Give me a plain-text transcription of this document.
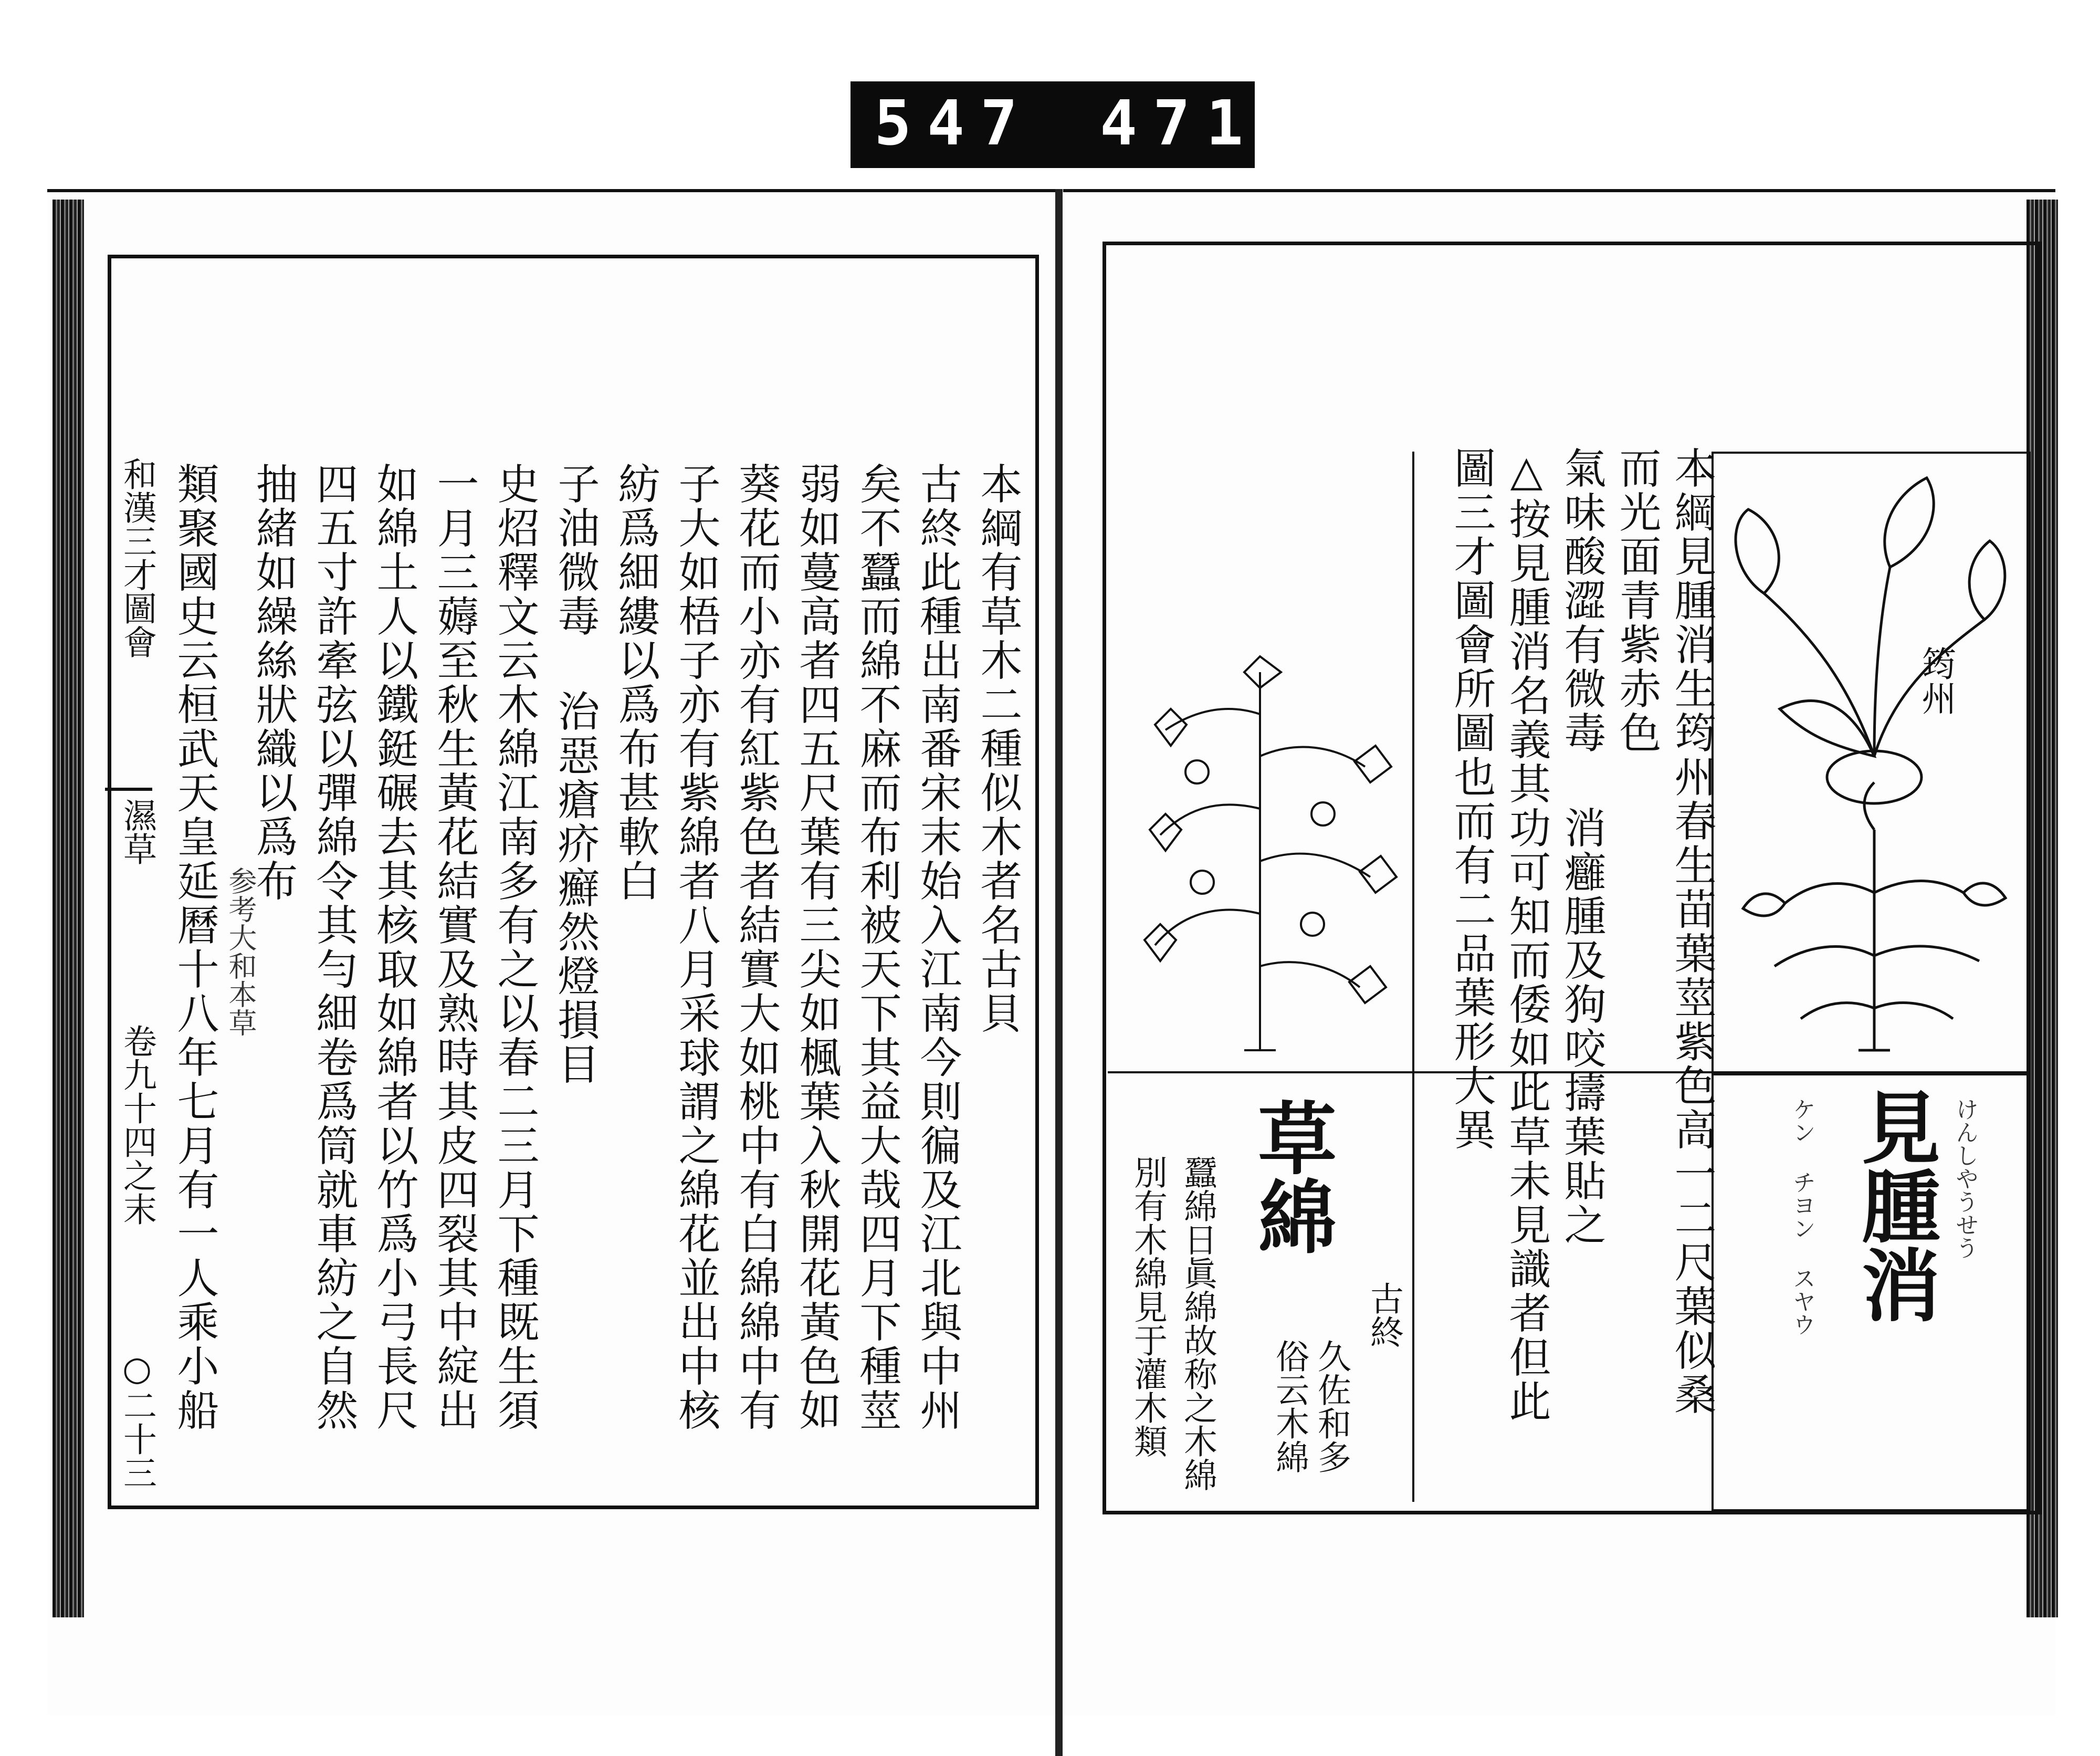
547 471.
和漢三才圖會
濕草
卷九十四之末
○二十三
本綱有草木二種似木者名古貝
古終此種出南番宋末始入江南今則徧及江北與中州
矣不蠶而綿不麻而布利被天下其益大哉四月下種莖
弱如蔓高者四五尺葉有三尖如楓葉入秋開花黃色如
葵花而小亦有紅紫色者結實大如桃中有白綿綿中有
子大如梧子亦有紫綿者八月采球謂之綿花並出中核
紡爲細縷以爲布甚軟白
子油微毒 治惡瘡疥癬然燈損目
史炤釋文云木綿江南多有之以春二三月下種既生須
一月三薅至秋生黃花結實及熟時其皮四裂其中綻出
如綿土人以鐵鋌碾去其核取如綿者以竹爲小弓長尺
四五寸許牽弦以彈綿令其勻細卷爲筒就車紡之自然
抽緒如繰絲狀織以爲布
類聚國史云桓武天皇延曆十八年七月有一人乘小船 参考大和本草	本綱見腫消生筠州春生苗葉莖紫色高一二尺葉似桑
而光面青紫赤色
氣味酸澀有微毒 消癰腫及狗咬擣葉貼之
△按見腫消名義其功可知而倭如此草未見識者但此
圖三才圖會所圖也而有二品葉形大異	筠州
見腫消
ケン チヨン スヤウ	けんしやうせう
草綿
古終
久佐和多
俗云木綿
蠶綿日眞綿故称之木綿
別有木綿見于灌木類
